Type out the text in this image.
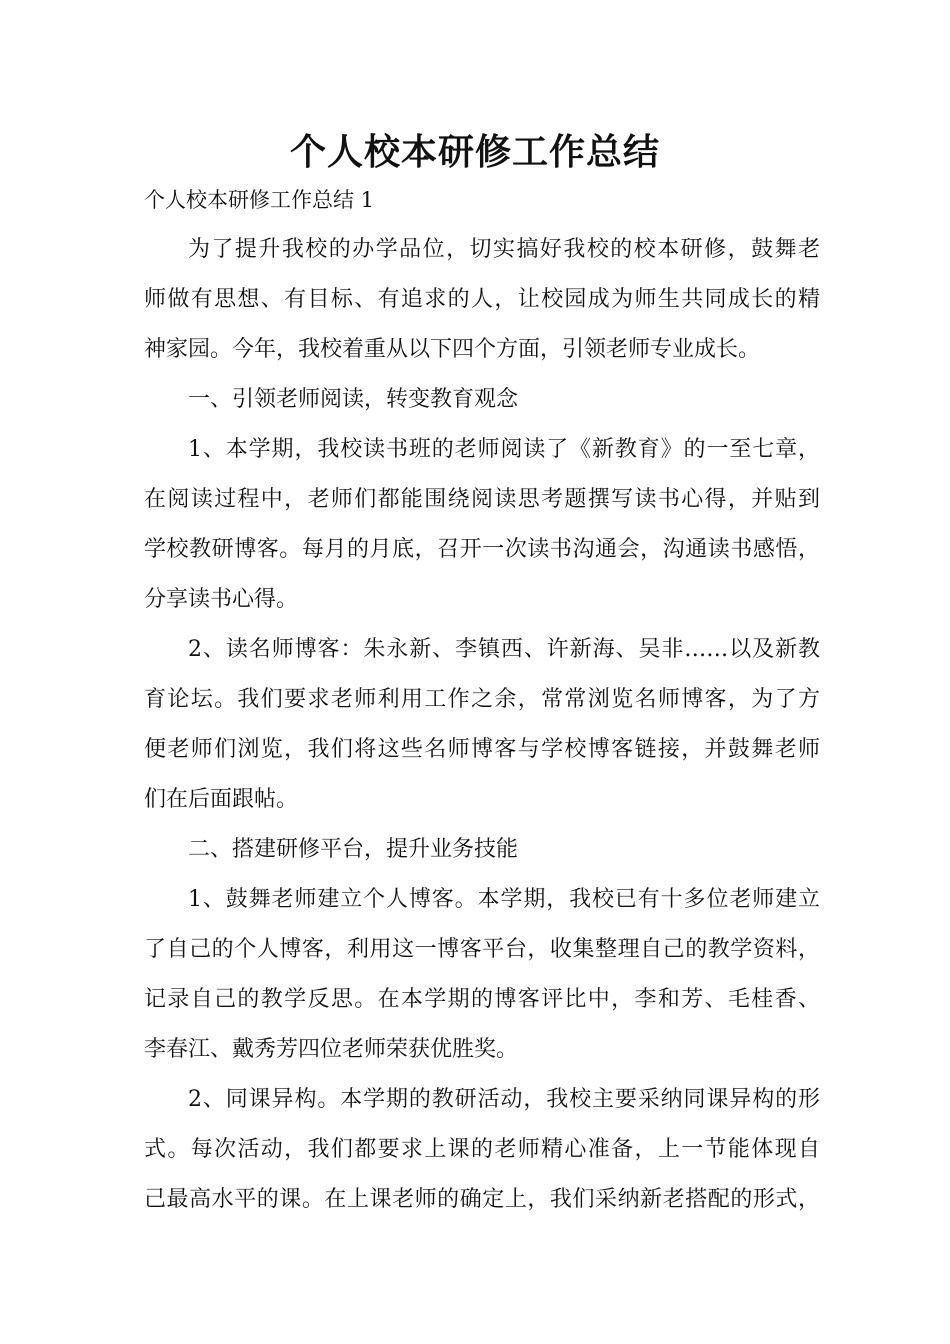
个人校本研修工作总结

个人校本研修工作总结 1

为了提升我校的办学品位，切实搞好我校的校本研修，鼓舞老

师做有思想、有目标、有追求的人，让校园成为师生共同成长的精

神家园。今年，我校着重从以下四个方面，引领老师专业成长。

一、引领老师阅读，转变教育观念

1、本学期，我校读书班的老师阅读了《新教育》的一至七章，

在阅读过程中，老师们都能围绕阅读思考题撰写读书心得，并贴到

学校教研博客。每月的月底，召开一次读书沟通会，沟通读书感悟，

分享读书心得。

2、读名师博客：朱永新、李镇西、许新海、吴非……以及新教

育论坛。我们要求老师利用工作之余，常常浏览名师博客，为了方

便老师们浏览，我们将这些名师博客与学校博客链接，并鼓舞老师

们在后面跟帖。

二、搭建研修平台，提升业务技能

1、鼓舞老师建立个人博客。本学期，我校已有十多位老师建立

了自己的个人博客，利用这一博客平台，收集整理自己的教学资料，

记录自己的教学反思。在本学期的博客评比中，李和芳、毛桂香、

李春江、戴秀芳四位老师荣获优胜奖。

2、同课异构。本学期的教研活动，我校主要采纳同课异构的形

式。每次活动，我们都要求上课的老师精心准备，上一节能体现自

己最高水平的课。在上课老师的确定上，我们采纳新老搭配的形式，
